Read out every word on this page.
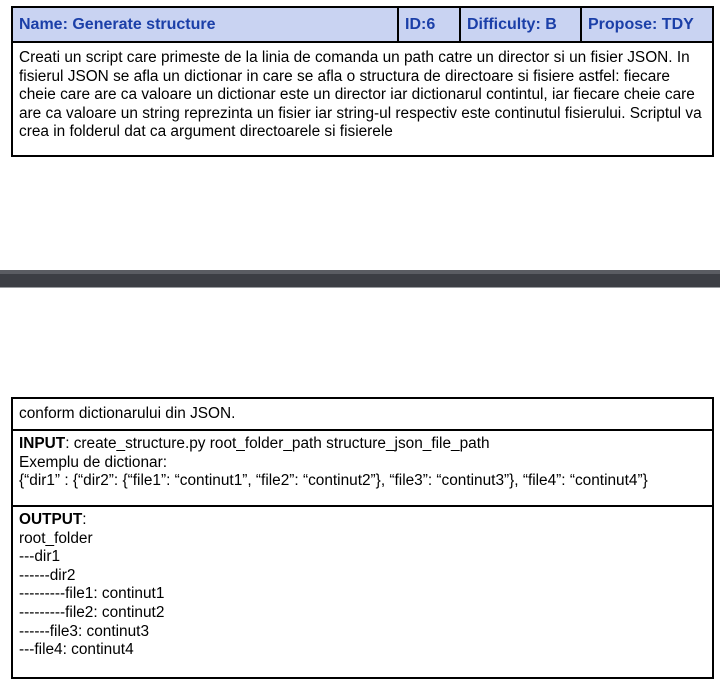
Name: Generate structure	ID:6	Difficulty: B	Propose: TDY
Creati un script care primeste de la linia de comanda un path catre un director si un fisier JSON. In fisierul JSON se afla un dictionar in care se afla o structura de directoare si fisiere astfel: fiecare cheie care are ca valoare un dictionar este un director iar dictionarul contintul, iar fiecare cheie care are ca valoare un string reprezinta un fisier iar string-ul respectiv este continutul fisierului. Scriptul va crea in folderul dat ca argument directoarele si fisierele
conform dictionarului din JSON.
INPUT: create_structure.py root_folder_path structure_json_file_path
Exemplu de dictionar:
{“dir1” : {“dir2”: {“file1”: “continut1”, “file2”: “continut2”}, “file3”: “continut3”}, “file4”: “continut4”}
OUTPUT:
root_folder
---dir1
------dir2
---------file1: continut1
---------file2: continut2
------file3: continut3
---file4: continut4
